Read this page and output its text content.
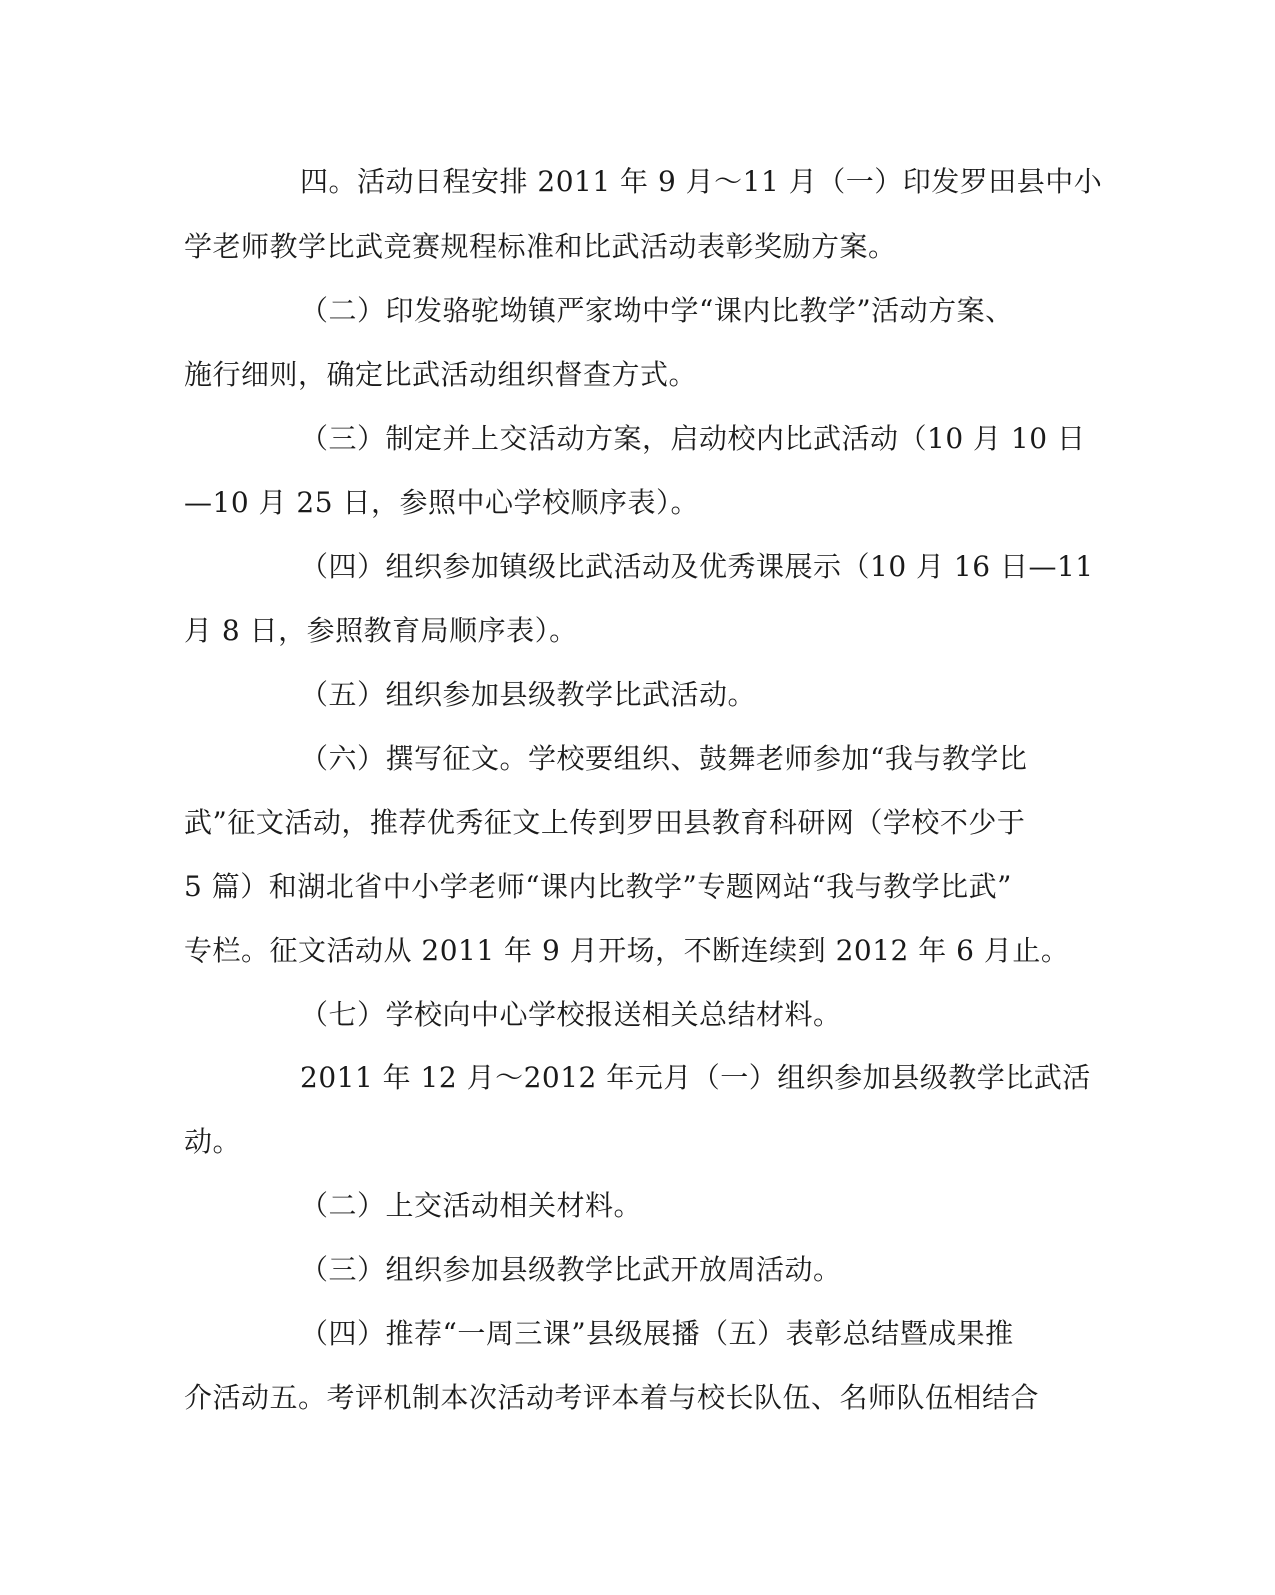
四。活动日程安排 2011 年 9 月～11 月（一）印发罗田县中小
学老师教学比武竞赛规程标准和比武活动表彰奖励方案。
（二）印发骆驼坳镇严家坳中学“课内比教学”活动方案、
施行细则，确定比武活动组织督查方式。
（三）制定并上交活动方案，启动校内比武活动（10 月 10 日
—10 月 25 日，参照中心学校顺序表）。
（四）组织参加镇级比武活动及优秀课展示（10 月 16 日—11
月 8 日，参照教育局顺序表）。
（五）组织参加县级教学比武活动。
（六）撰写征文。学校要组织、鼓舞老师参加“我与教学比
武”征文活动，推荐优秀征文上传到罗田县教育科研网（学校不少于
5 篇）和湖北省中小学老师“课内比教学”专题网站“我与教学比武”
专栏。征文活动从 2011 年 9 月开场，不断连续到 2012 年 6 月止。
（七）学校向中心学校报送相关总结材料。
2011 年 12 月～2012 年元月（一）组织参加县级教学比武活
动。
（二）上交活动相关材料。
（三）组织参加县级教学比武开放周活动。
（四）推荐“一周三课”县级展播（五）表彰总结暨成果推
介活动五。考评机制本次活动考评本着与校长队伍、名师队伍相结合
